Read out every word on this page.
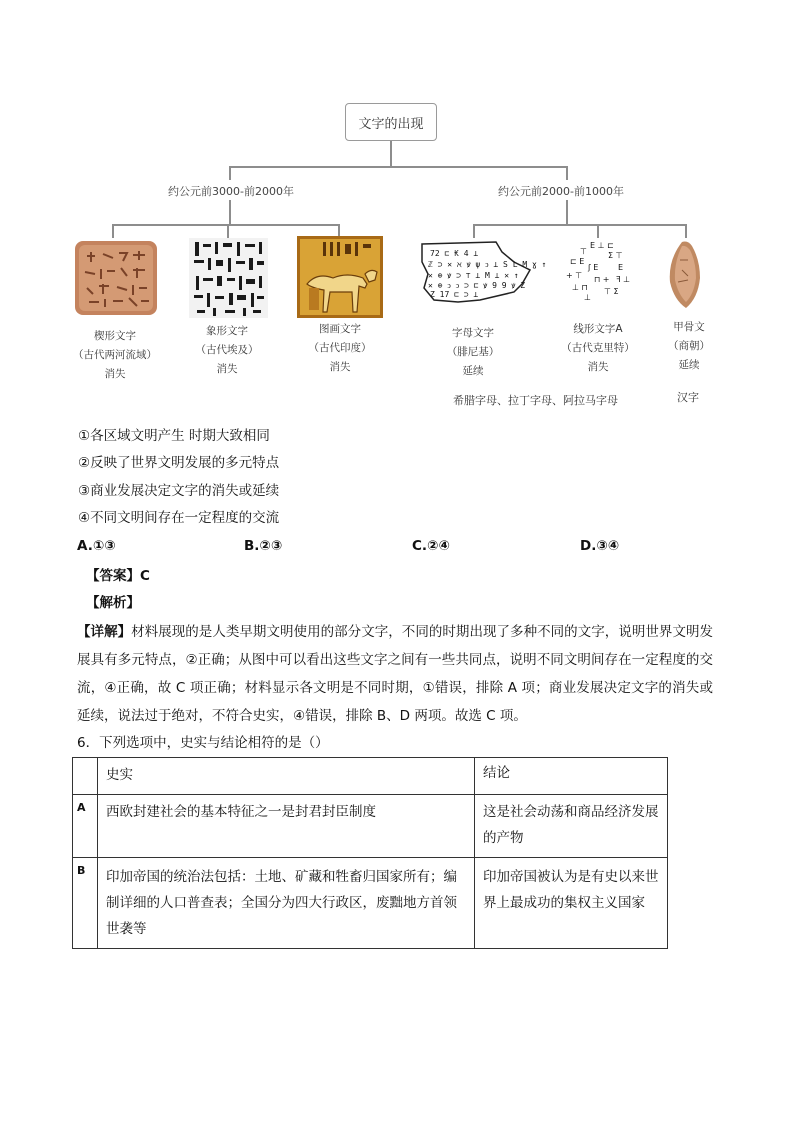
文字的出现
约公元前3000-前2000年	约公元前2000-前1000年
72 ⊏ ₭ 4 ⊥
ℤ ⊃ ✕ ℵ ꝟ ψ ↄ ⊥ S L M ɣ ↑
✕ ⊕ ꝟ ⊃ ⊤ ⊥ M ⊥ ✕ ↑
✕ ⊕ ↄ ↄ ⊃ ⊏ ꝟ 9 9 ꝟ Z
Z 17 ⊏ ⊃ ⊥
E ⊥ ⊏
Ʃ ⊤
E
ꟻ ⊥
⊤ Ʃ
⊥
⊥ ⊓
+ ⊤
⊏ E
⊤
ʃ E
⊓ +
楔形文字
（古代两河流域）
消失
象形文字
（古代埃及）
消失
图画文字
（古代印度）
消失
字母文字
（腓尼基）
延续
线形文字A
（古代克里特）
消失
甲骨文
（商朝）
延续
希腊字母、拉丁字母、阿拉马字母	汉字
①各区域文明产生 时期大致相同
②反映了世界文明发展的多元特点
③商业发展决定文字的消失或延续
④不同文明间存在一定程度的交流
A.①③	B.②③	C.②④	D.③④
【答案】C
【解析】
【详解】材料展现的是人类早期文明使用的部分文字，不同的时期出现了多种不同的文字，说明世界文明发展具有多元特点，②正确；从图中可以看出这些文字之间有一些共同点，说明不同文明间存在一定程度的交流，④正确，故 C 项正确；材料显示各文明是不同时期，①错误，排除 A 项；商业发展决定文字的消失或延续，说法过于绝对，不符合史实，④错误，排除 B、D 两项。故选 C 项。
6．下列选项中，史实与结论相符的是（）

	史实	结论

A	西欧封建社会的基本特征之一是封君封臣制度	这是社会动荡和商品经济发展的产物

B	印加帝国的统治法包括：土地、矿藏和牲畜归国家所有；编制详细的人口普查表；全国分为四大行政区，废黜地方首领世袭等	印加帝国被认为是有史以来世界上最成功的集权主义国家
